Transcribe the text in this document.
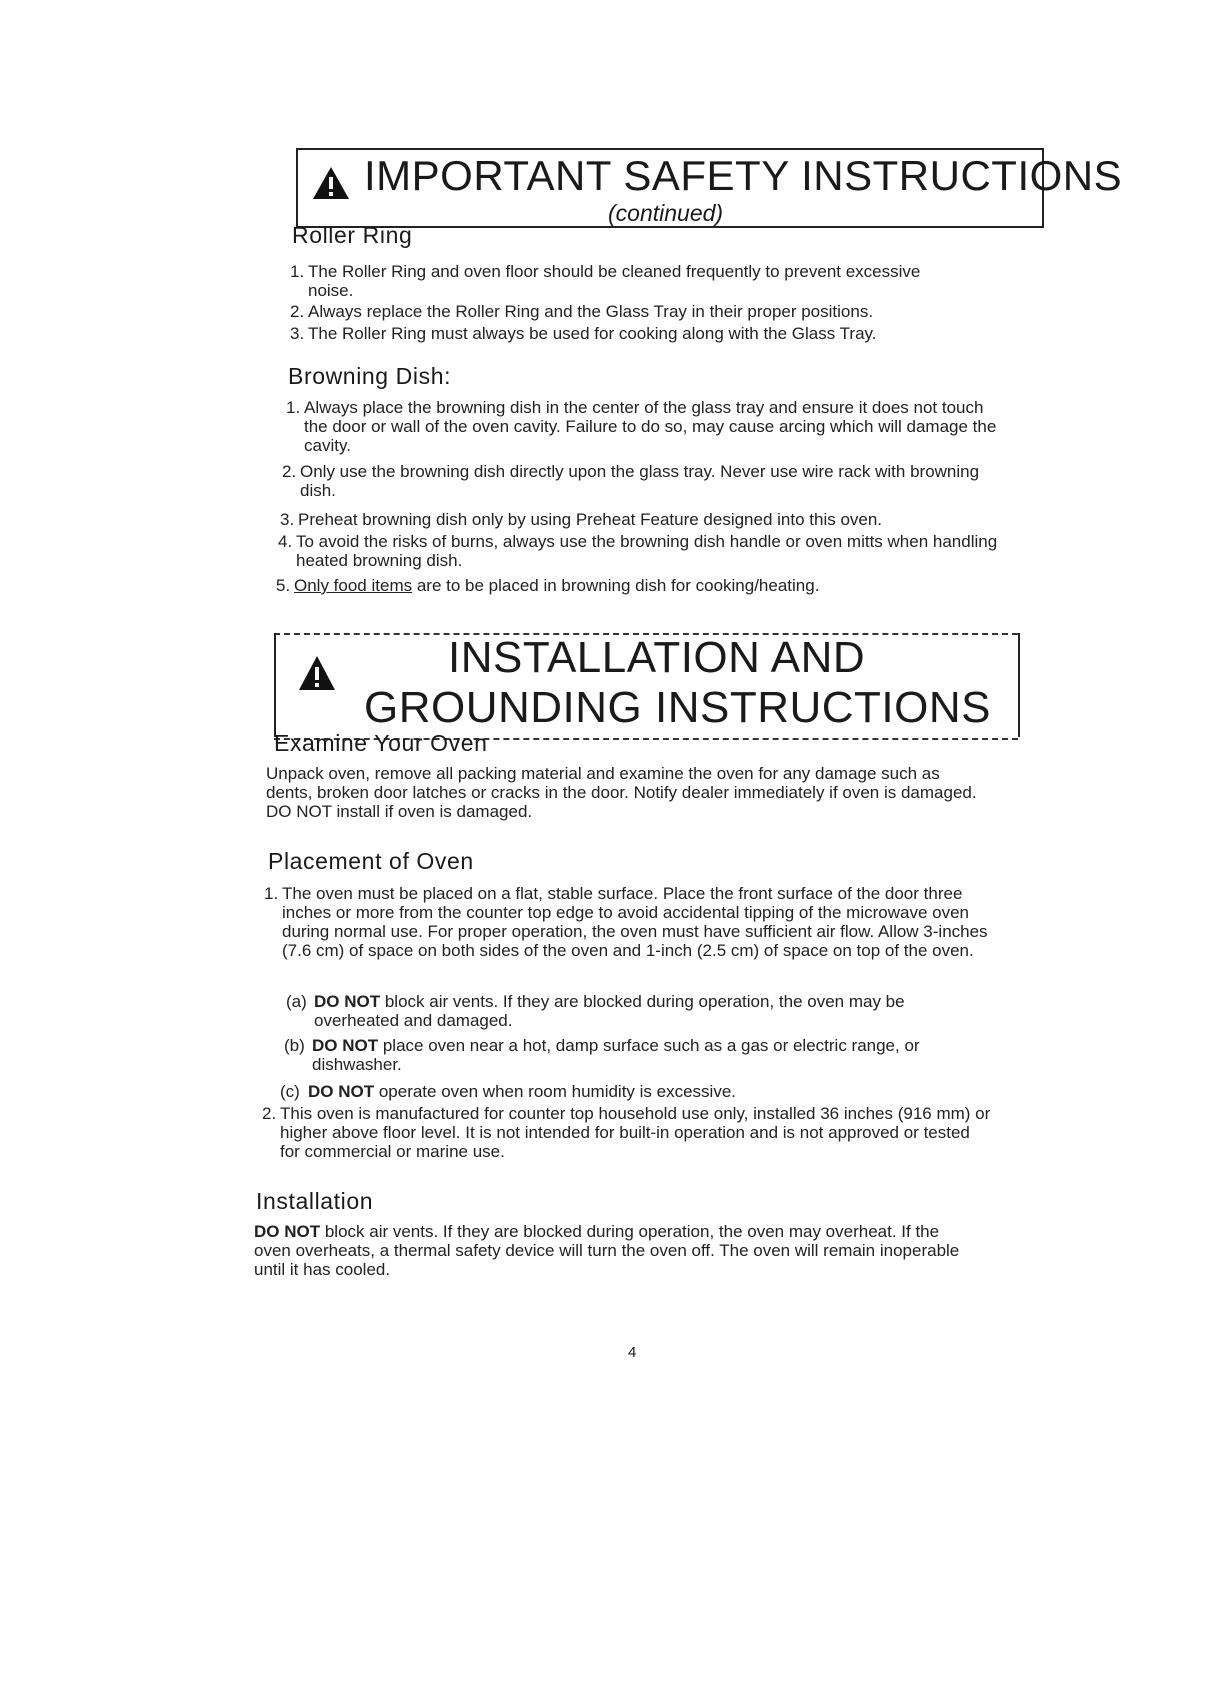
IMPORTANT SAFETY INSTRUCTIONS
(continued)
Roller Ring
1. The Roller Ring and oven floor should be cleaned frequently to prevent excessive noise.
2. Always replace the Roller Ring and the Glass Tray in their proper positions.
3. The Roller Ring must always be used for cooking along with the Glass Tray.
Browning Dish:
1. Always place the browning dish in the center of the glass tray and ensure it does not touch the door or wall of the oven cavity. Failure to do so, may cause arcing which will damage the cavity.
2. Only use the browning dish directly upon the glass tray. Never use wire rack with browning dish.
3. Preheat browning dish only by using Preheat Feature designed into this oven.
4. To avoid the risks of burns, always use the browning dish handle or oven mitts when handling heated browning dish.
5. Only food items are to be placed in browning dish for cooking/heating.
INSTALLATION AND
GROUNDING INSTRUCTIONS
Examine Your Oven
Unpack oven, remove all packing material and examine the oven for any damage such as dents, broken door latches or cracks in the door. Notify dealer immediately if oven is damaged. DO NOT install if oven is damaged.
Placement of Oven
1. The oven must be placed on a flat, stable surface. Place the front surface of the door three inches or more from the counter top edge to avoid accidental tipping of the microwave oven during normal use. For proper operation, the oven must have sufficient air flow. Allow 3-inches (7.6 cm) of space on both sides of the oven and 1-inch (2.5 cm) of space on top of the oven.
(a) DO NOT block air vents. If they are blocked during operation, the oven may be overheated and damaged.
(b) DO NOT place oven near a hot, damp surface such as a gas or electric range, or dishwasher.
(c) DO NOT operate oven when room humidity is excessive.
2. This oven is manufactured for counter top household use only, installed 36 inches (916 mm) or higher above floor level. It is not intended for built-in operation and is not approved or tested for commercial or marine use.
Installation
DO NOT block air vents. If they are blocked during operation, the oven may overheat. If the oven overheats, a thermal safety device will turn the oven off. The oven will remain inoperable until it has cooled.
4
